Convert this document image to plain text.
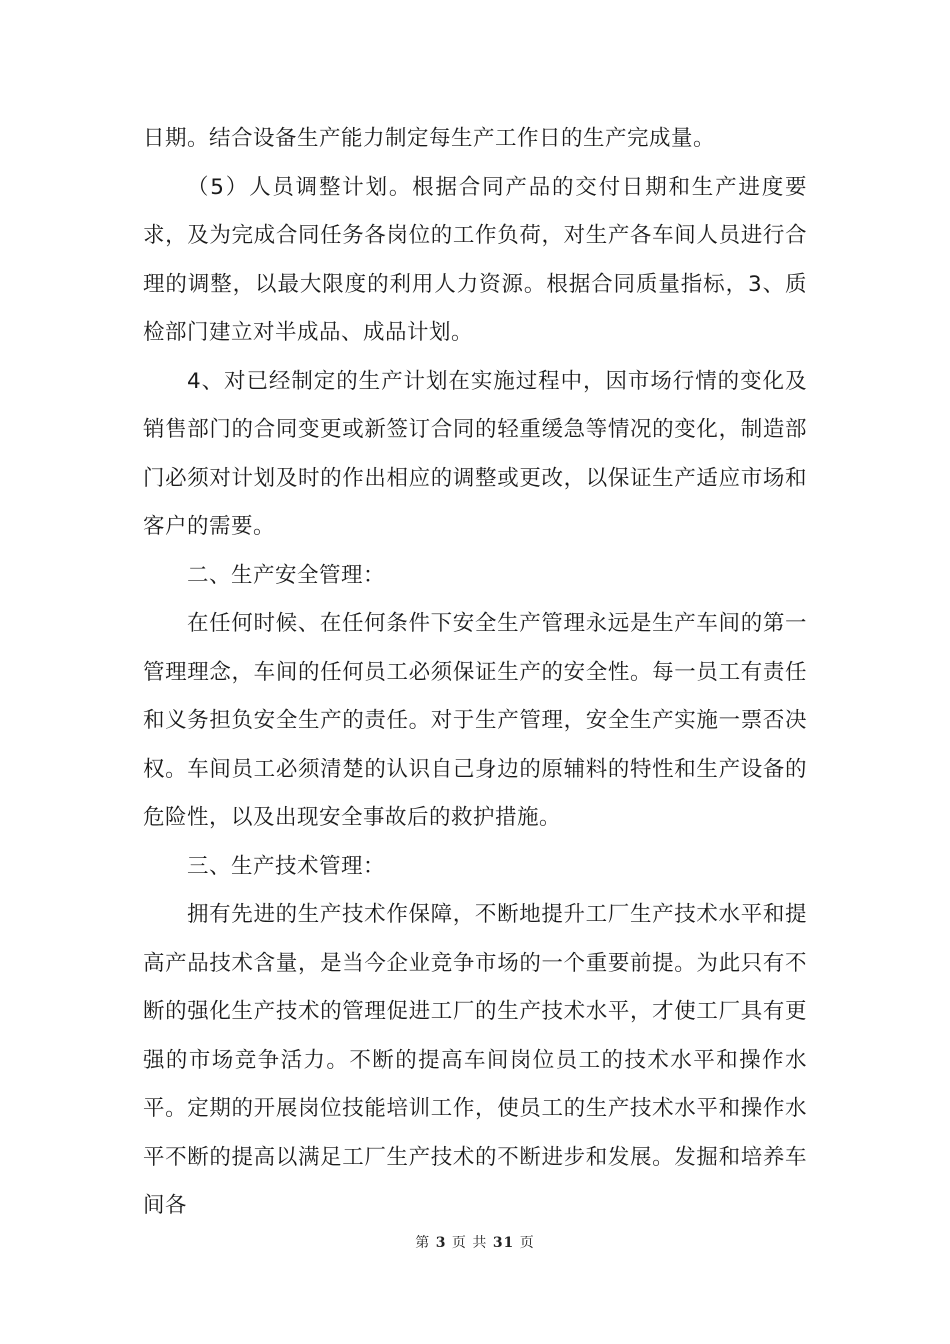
日期。结合设备生产能力制定每生产工作日的生产完成量。

（5）人员调整计划。根据合同产品的交付日期和生产进度要求，及为完成合同任务各岗位的工作负荷，对生产各车间人员进行合理的调整，以最大限度的利用人力资源。根据合同质量指标，3、质检部门建立对半成品、成品计划。

4、对已经制定的生产计划在实施过程中，因市场行情的变化及销售部门的合同变更或新签订合同的轻重缓急等情况的变化，制造部门必须对计划及时的作出相应的调整或更改，以保证生产适应市场和客户的需要。

二、生产安全管理：

在任何时候、在任何条件下安全生产管理永远是生产车间的第一管理理念，车间的任何员工必须保证生产的安全性。每一员工有责任和义务担负安全生产的责任。对于生产管理，安全生产实施一票否决权。车间员工必须清楚的认识自己身边的原辅料的特性和生产设备的危险性，以及出现安全事故后的救护措施。

三、生产技术管理：

拥有先进的生产技术作保障，不断地提升工厂生产技术水平和提高产品技术含量，是当今企业竞争市场的一个重要前提。为此只有不断的强化生产技术的管理促进工厂的生产技术水平，才使工厂具有更强的市场竞争活力。不断的提高车间岗位员工的技术水平和操作水平。定期的开展岗位技能培训工作，使员工的生产技术水平和操作水平不断的提高以满足工厂生产技术的不断进步和发展。发掘和培养车间各

第 3 页 共 31 页
